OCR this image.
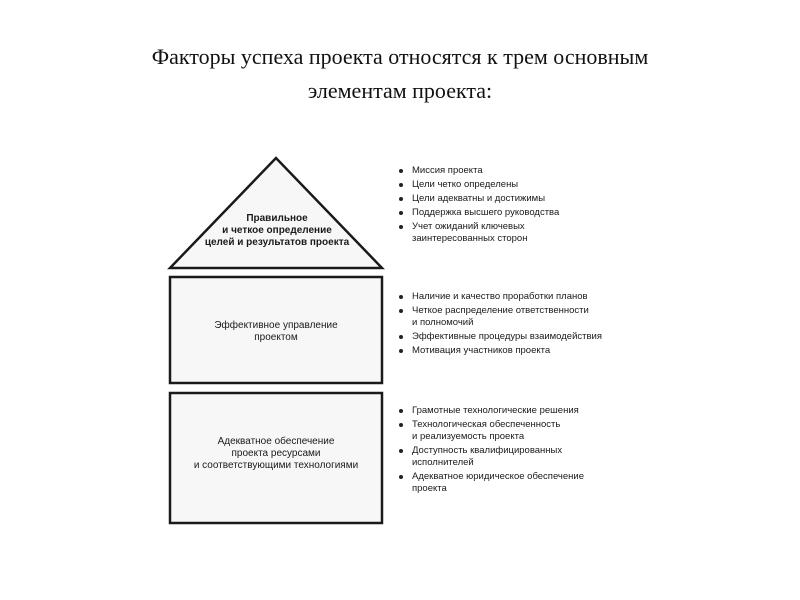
Факторы успеха проекта относятся к трем основным
элементам проекта:
Правильное
и четкое определение
целей и результатов проекта
Эффективное управление
проектом
Адекватное обеспечение
проекта ресурсами
и соответствующими технологиями
Миссия проекта
Цели четко определены
Цели адекватны и достижимы
Поддержка высшего руководства
Учет ожиданий ключевых
заинтересованных сторон
Наличие и качество проработки планов
Четкое распределение ответственности
и полномочий
Эффективные процедуры взаимодействия
Мотивация участников проекта
Грамотные технологические решения
Технологическая обеспеченность
и реализуемость проекта
Доступность квалифицированных
исполнителей
Адекватное юридическое обеспечение
проекта
